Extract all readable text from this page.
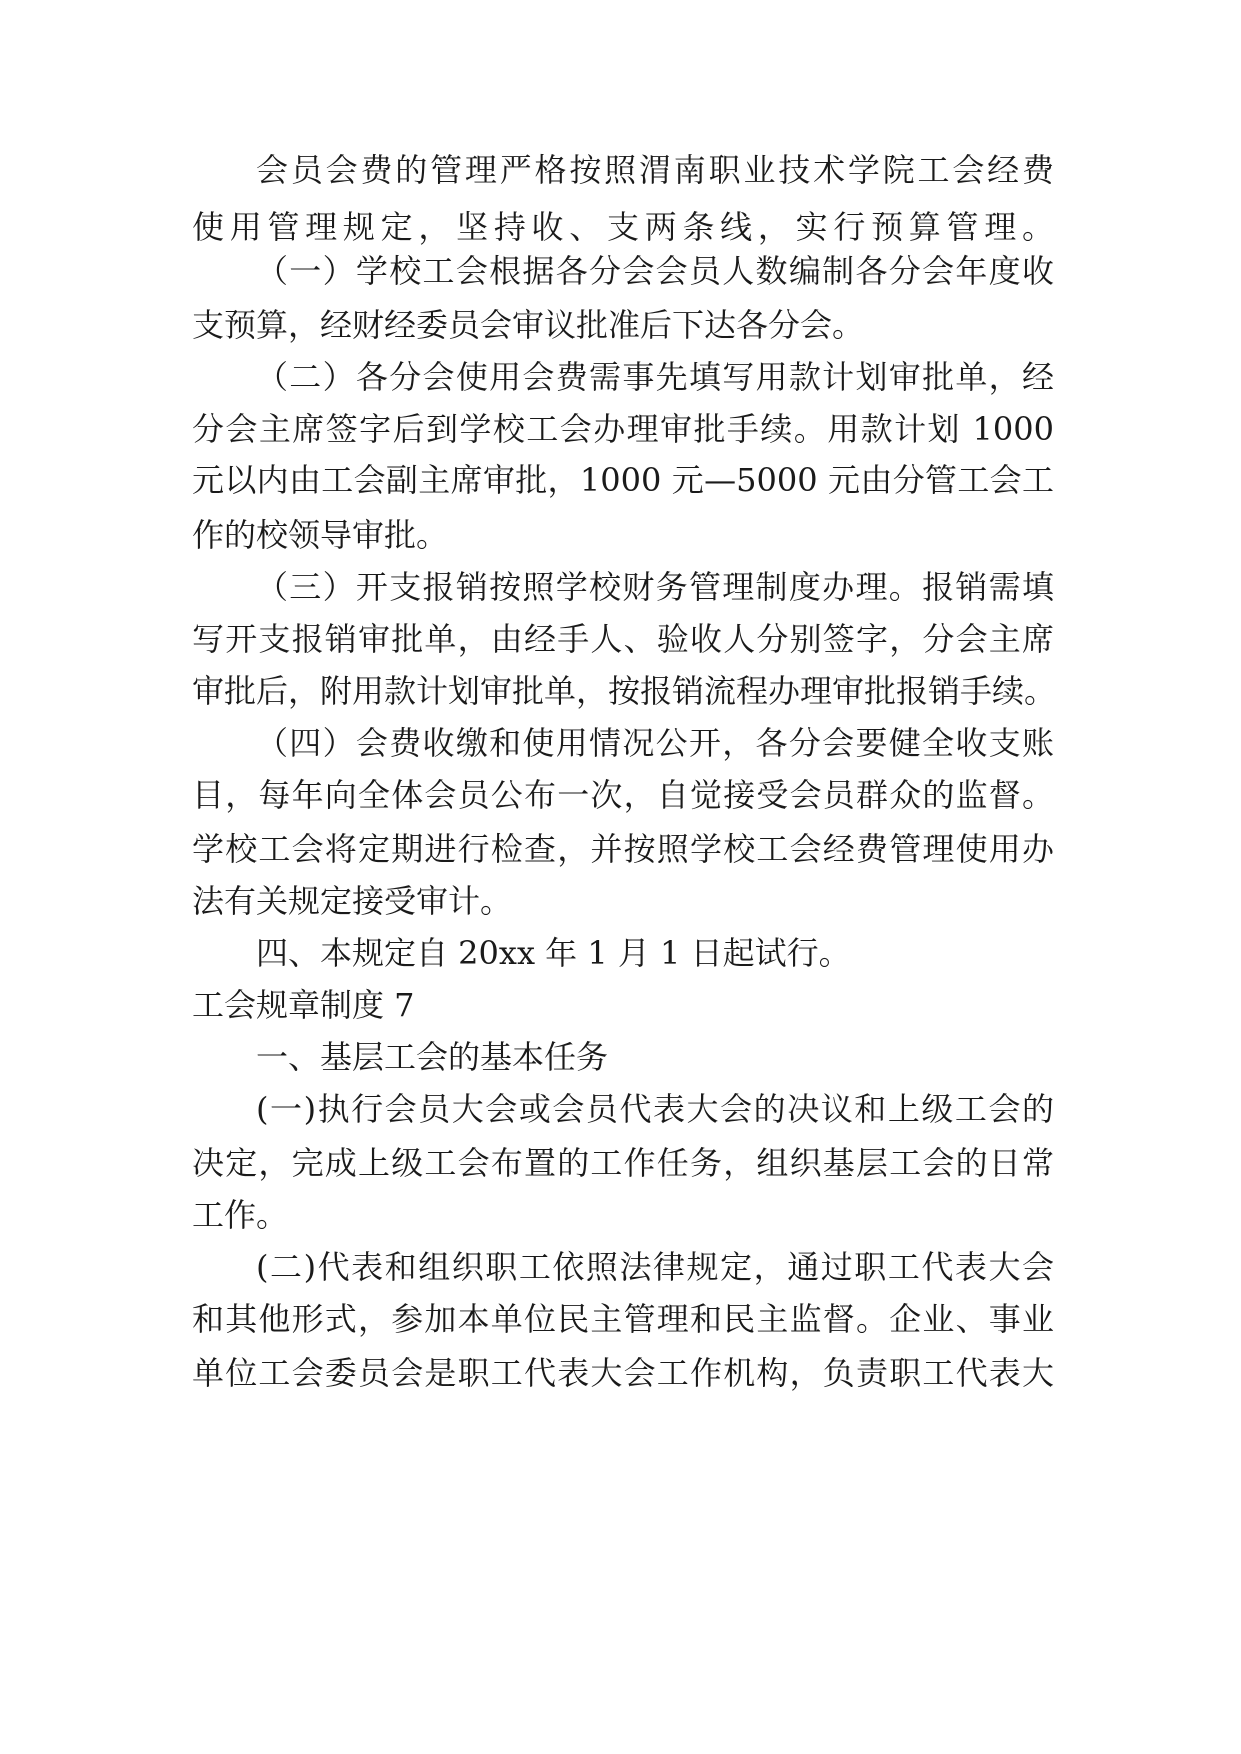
会员会费的管理严格按照渭南职业技术学院工会经费
使用管理规定，坚持收、支两条线，实行预算管理。
（一）学校工会根据各分会会员人数编制各分会年度收
支预算，经财经委员会审议批准后下达各分会。
（二）各分会使用会费需事先填写用款计划审批单，经
分会主席签字后到学校工会办理审批手续。用款计划 1000
元以内由工会副主席审批，1000 元—5000 元由分管工会工
作的校领导审批。
（三）开支报销按照学校财务管理制度办理。报销需填
写开支报销审批单，由经手人、验收人分别签字，分会主席
审批后，附用款计划审批单，按报销流程办理审批报销手续。
（四）会费收缴和使用情况公开，各分会要健全收支账
目，每年向全体会员公布一次，自觉接受会员群众的监督。
学校工会将定期进行检查，并按照学校工会经费管理使用办
法有关规定接受审计。
四、本规定自 20xx 年 1 月 1 日起试行。
工会规章制度 7
一、基层工会的基本任务
(一)执行会员大会或会员代表大会的决议和上级工会的
决定，完成上级工会布置的工作任务，组织基层工会的日常
工作。
(二)代表和组织职工依照法律规定，通过职工代表大会
和其他形式，参加本单位民主管理和民主监督。企业、事业
单位工会委员会是职工代表大会工作机构，负责职工代表大
